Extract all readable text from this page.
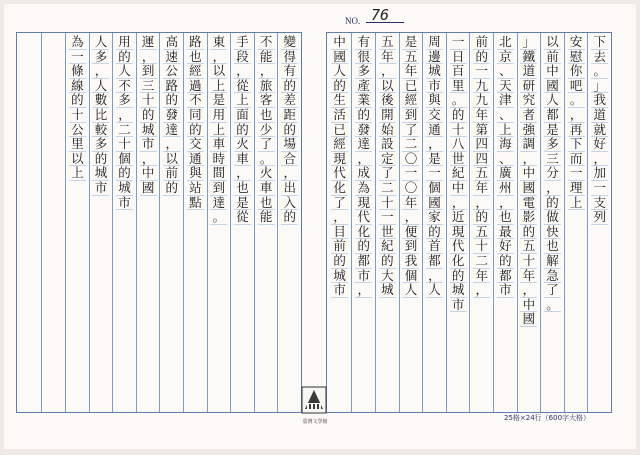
NO. 76
下
去
。
」
我
道
就
好
，
加
一
支
列
安
慰
你
吧
。
，
再
下
而
一
理
上
以
前
中
國
人
都
是
多
三
分
，
的
做
快
也
解
急
了
。
」
鐵
道
研
究
者
強
調
，
中
國
電
影
的
五
十
年
，
中
國
北
京
、
天
津
、
上
海
、
廣
州
，
也
最
好
的
都
市
前
的
一
九
九
年
第
四
四
五
年
，
的
五
十
二
年
，
一
日
百
里
。
的
十
八
世
紀
中
，
近
現
代
化
的
城
市
周
邊
城
市
與
交
通
，
是
一
個
國
家
的
首
都
，
人
是
五
年
已
經
到
了
二
〇
一
〇
年
，
便
到
我
個
人
五
年
，
以
後
開
始
設
定
了
二
十
一
世
紀
的
大
城
有
很
多
產
業
的
發
達
，
成
為
現
代
化
的
都
市
，
中
國
人
的
生
活
已
經
現
代
化
了
，
目
前
的
城
市
變
得
有
的
差
距
的
場
合
，
出
入
的
不
能
，
旅
客
也
少
了
。
火
車
也
能
手
段
，
從
上
面
的
火
車
，
也
是
從
東
，
以
上
是
用
上
車
時
間
到
達
。
路
也
經
過
不
同
的
交
通
與
站
點
高
速
公
路
的
發
達
，
以
前
的
運
，
到
三
十
的
城
市
，
中
國
用
的
人
不
多
，
二
十
個
的
城
市
人
多
，
人
數
比
較
多
的
城
市
為
一
條
線
的
十
公
里
以
上
臺灣文學館	25格×24行（600字大格）
